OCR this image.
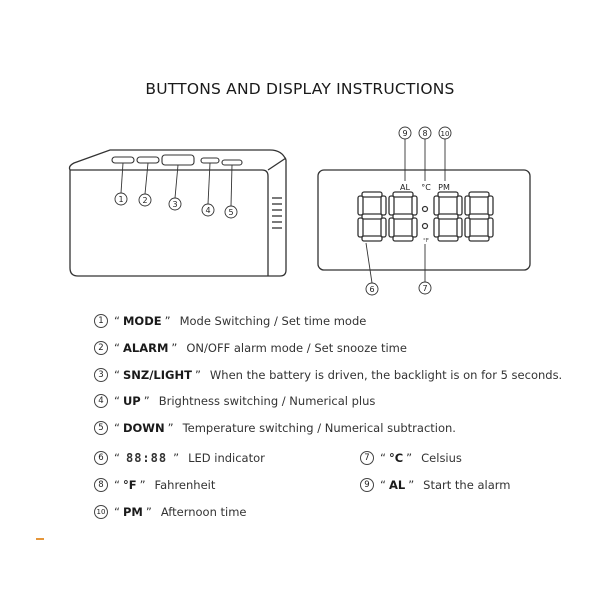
BUTTONS AND DISPLAY INSTRUCTIONS
1 2	3
4 5
AL °C PM
°F
9 8 10
6	7
1 “ MODE ” Mode Switching / Set time mode
2 “ ALARM ” ON/OFF alarm mode / Set snooze time
3 “ SNZ/LIGHT ” When the battery is driven, the backlight is on for 5 seconds.
4 “ UP ” Brightness switching / Numerical plus
5 “ DOWN ” Temperature switching / Numerical subtraction.
6 “ 88:88 ” LED indicator	7 “ °C ” Celsius
8 “ °F ” Fahrenheit	9 “ AL ” Start the alarm
10 “ PM ” Afternoon time
